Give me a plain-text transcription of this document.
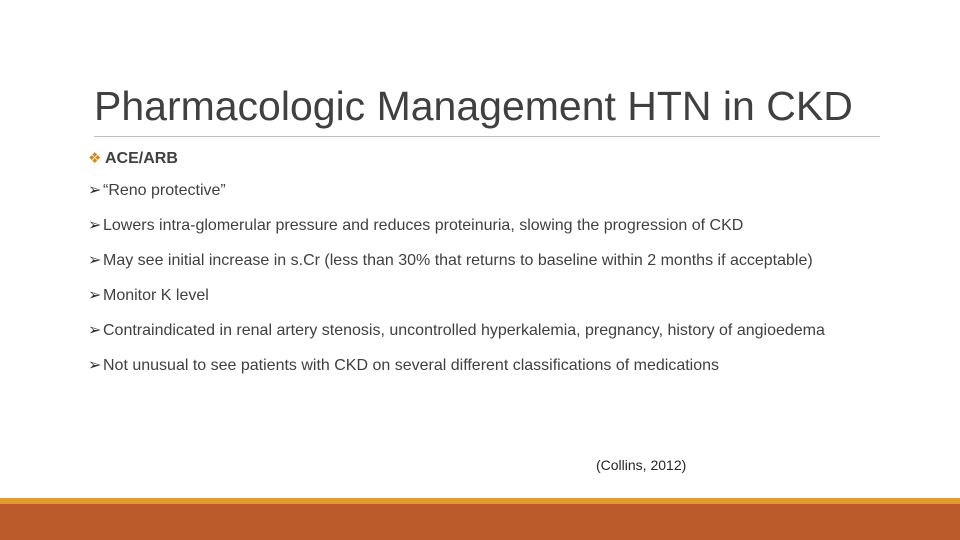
Pharmacologic Management HTN in CKD
❖ ACE/ARB
➢ “Reno protective”
➢ Lowers intra-glomerular pressure and reduces proteinuria, slowing the progression of CKD
➢ May see initial increase in s.Cr (less than 30% that returns to baseline within 2 months if acceptable)
➢ Monitor K level
➢ Contraindicated in renal artery stenosis, uncontrolled hyperkalemia, pregnancy, history of angioedema
➢ Not unusual to see patients with CKD on several different classifications of medications
(Collins, 2012)
